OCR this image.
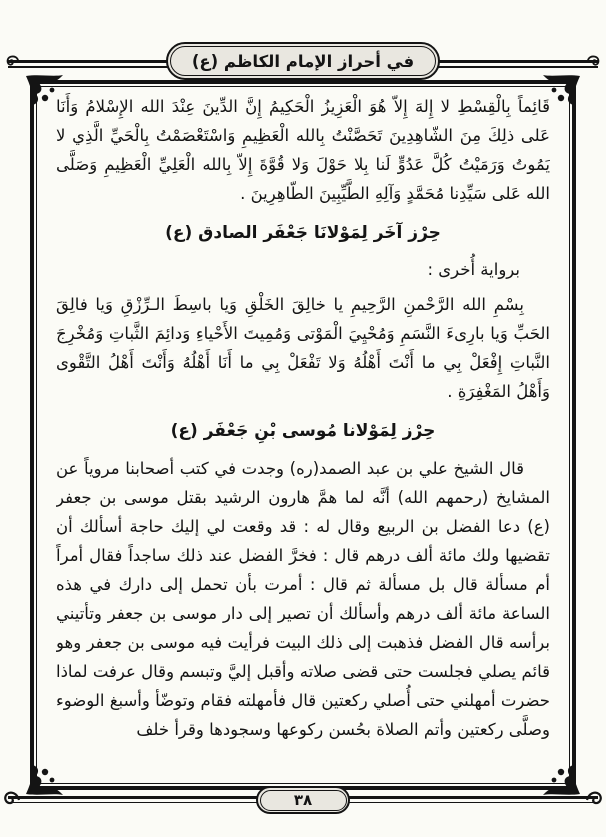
في أحراز الإمام الكاظم (ع)

قَائِماً بِالْقِسْطِ لا إِلهَ إِلاّ هُوَ الْعَزِيزُ الْحَكِيمُ إِنَّ الدِّينَ عِنْدَ الله الإِسْلامُ وَأَنَا عَلى ذلِكَ مِنَ الشّاهِدِينَ تَحَصَّنْتُ بِالله الْعَظِيمِ وَاسْتَعْصَمْتُ بِالْحَيِّ الَّذِي لا يَمُوتُ وَرَمَيْتُ كُلَّ عَدُوٍّ لَنا بِلا حَوْلَ وَلا قُوَّةَ إِلاّ بِالله الْعَلِيِّ الْعَظِيمِ وَصَلَّى الله عَلى سَيِّدِنا مُحَمَّدٍ وَآلِهِ الطَّيِّبِينَ الطّاهِرِينَ .

حِرْز آخَر لِمَوْلانَا جَعْفَر الصادق (ع)

برواية أُخرى :

بِسْمِ الله الرَّحْمنِ الرَّحِيمِ يا خالِقَ الخَلْقِ وَيا باسِطَ الـرِّزْقِ وَيا فالِقَ الحَبِّ وَيا بارِىءَ النَّسَمِ وَمُحْيِيَ الْمَوْتى وَمُمِيتَ الأَحْياءِ وَدائِمَ الثَّباتِ وَمُخْرِجَ النَّباتِ إِفْعَلْ بِي ما أَنْتَ أَهْلُهُ وَلا تَفْعَلْ بِي ما أَنَا أَهْلُهُ وَأَنْتَ أَهْلُ التَّقْوى وَأَهْلُ المَغْفِرَةِ .

حِرْز لِمَوْلانا مُوسى بْنِ جَعْفَر (ع)

قال الشيخ علي بن عبد الصمد(ره) وجدت في كتب أصحابنا مروياً عن المشايخ (رحمهم الله) أنَّه لما همَّ هارون الرشيد بقتل موسى بن جعفر (ع) دعا الفضل بن الربيع وقال له : قد وقعت لي إليك حاجة أسألك أن تقضيها ولك مائة ألف درهم قال : فخرَّ الفضل عند ذلك ساجداً فقال أمراً أم مسألة قال بل مسألة ثم قال : أمرت بأن تحمل إلى دارك في هذه الساعة مائة ألف درهم وأسألك أن تصير إلى دار موسى بن جعفر وتأتيني برأسه قال الفضل فذهبت إلى ذلك البيت فرأيت فيه موسى بن جعفر وهو قائم يصلي فجلست حتى قضى صلاته وأقبل إليَّ وتبسم وقال عرفت لماذا حضرت أمهلني حتى أُصلي ركعتين قال فأمهلته فقام وتوضّأ وأسبغ الوضوء وصلَّى ركعتين وأتم الصلاة بحُسن ركوعها وسجودها وقرأ خلف

٣٨
